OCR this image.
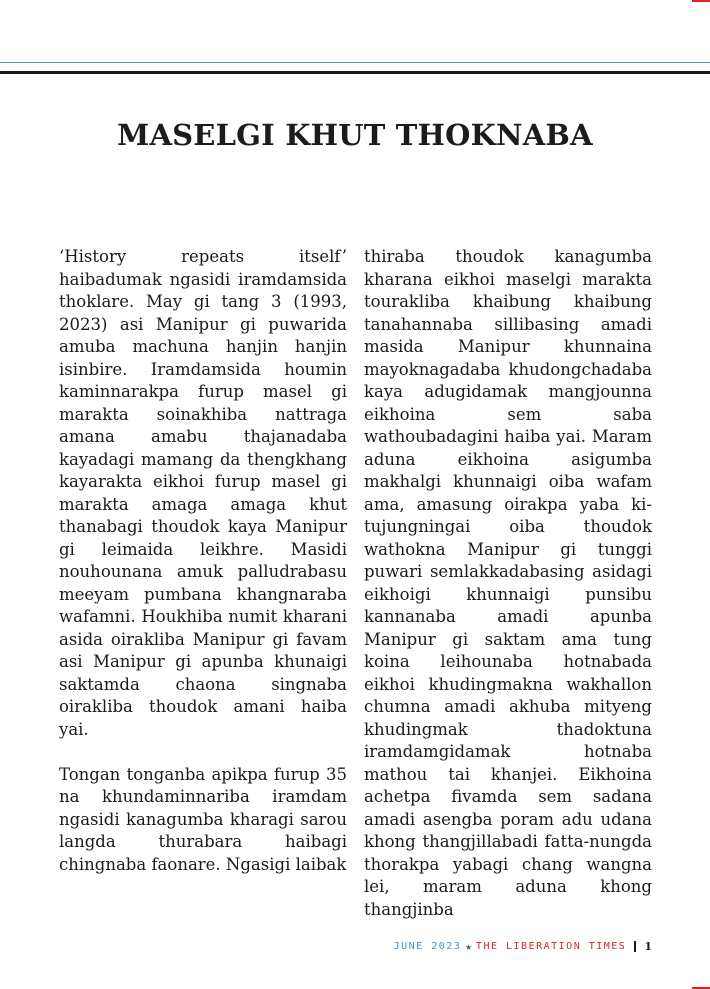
MASELGI KHUT THOKNABA

‘History repeats itself’ haibadumak ngasidi iramdamsida thoklare. May gi tang 3 (1993, 2023) asi Manipur gi puwarida amuba machuna hanjin hanjin isinbire. Iramdamsida houmin kaminnarakpa furup masel gi marakta soinakhiba nattraga amana amabu thajanadaba kayadagi mamang da thengkhang kayarakta eikhoi furup masel gi marakta amaga amaga khut thanabagi thoudok kaya Manipur gi leimaida leikhre. Masidi nouhounana amuk palludrabasu meeyam pumbana khangnaraba wafamni. Houkhiba numit kharani asida oirakliba Manipur gi favam asi Manipur gi apunba khunaigi saktamda chaona singnaba oirakliba thoudok amani haiba yai.

Tongan tonganba apikpa furup 35 na khundaminnariba iramdam ngasidi kanagumba kharagi sarou langda thurabara haibagi chingnaba faonare. Ngasigi laibak

thiraba thoudok kanagumba kharana eikhoi maselgi marakta tourakliba khaibung khaibung tanahannaba sillibasing amadi masida Manipur khunnaina mayoknagadaba khudongchadaba kaya adugidamak mangjounna eikhoina sem saba wathoubadagini haiba yai. Maram aduna eikhoina asigumba makhalgi khunnaigi oiba wafam ama, amasung oirakpa yaba ki-tujungningai oiba thoudok wathokna Manipur gi tunggi puwari semlakkadabasing asidagi eikhoigi khunnaigi punsibu kannanaba amadi apunba Manipur gi saktam ama tung koina leihounaba hotnabada eikhoi khudingmakna wakhallon chumna amadi akhuba mityeng khudingmak thadoktuna iramdamgidamak hotnaba mathou tai khanjei. Eikhoina achetpa fivamda sem sadana amadi asengba poram adu udana khong thangjillabadi fatta-nungda thorakpa yabagi chang wangna lei, maram aduna khong thangjinba

JUNE 2023 ★ THE LIBERATION TIMES 1
